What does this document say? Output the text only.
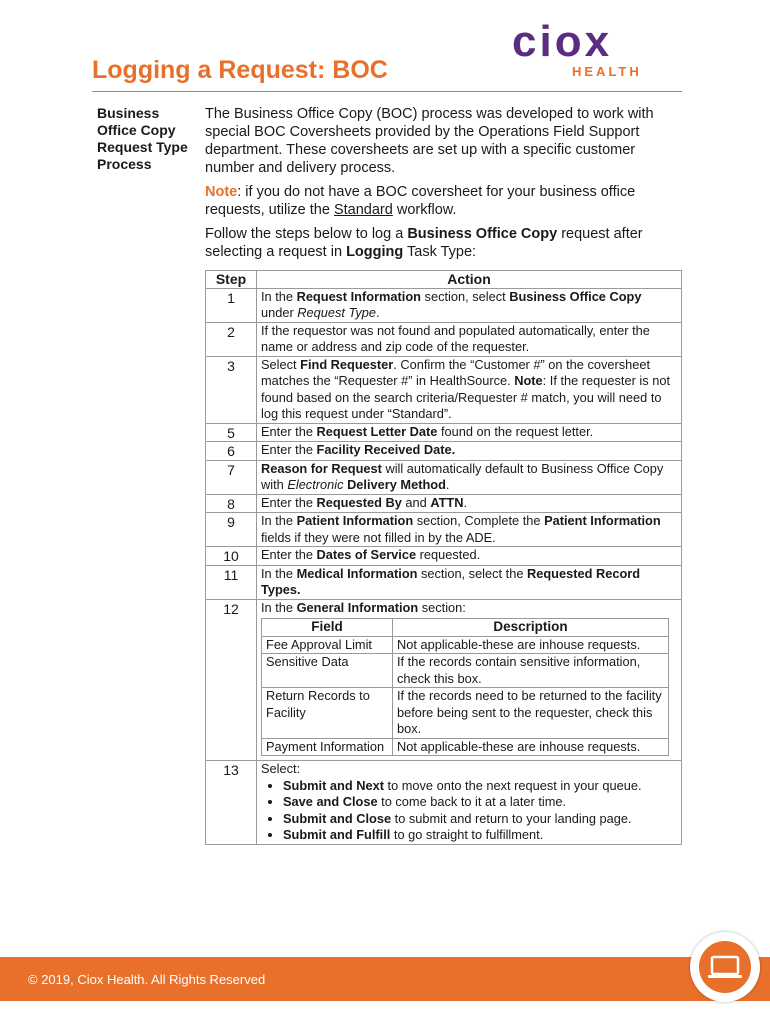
ciox
HEALTH
Logging a Request: BOC
Business Office Copy Request Type Process

The Business Office Copy (BOC) process was developed to work with special BOC Coversheets provided by the Operations Field Support department. These coversheets are set up with a specific customer number and delivery process.

Note: if you do not have a BOC coversheet for your business office requests, utilize the Standard workflow.

Follow the steps below to log a Business Office Copy request after selecting a request in Logging Task Type:

Step	Action
1	In the Request Information section, select Business Office Copy under Request Type.
2	If the requestor was not found and populated automatically, enter the name or address and zip code of the requester.
3	Select Find Requester. Confirm the “Customer #” on the coversheet matches the “Requester #” in HealthSource. Note: If the requester is not found based on the search criteria/Requester # match, you will need to log this request under “Standard”.
5	Enter the Request Letter Date found on the request letter.
6	Enter the Facility Received Date.
7	Reason for Request will automatically default to Business Office Copy with Electronic Delivery Method.
8	Enter the Requested By and ATTN.
9	In the Patient Information section, Complete the Patient Information fields if they were not filled in by the ADE.
10	Enter the Dates of Service requested.
11	In the Medical Information section, select the Requested Record Types.
12	In the General Information section:
Field	Description
Fee Approval Limit	Not applicable-these are inhouse requests.
Sensitive Data	If the records contain sensitive information, check this box.
Return Records to Facility	If the records need to be returned to the facility before being sent to the requester, check this box.
Payment Information	Not applicable-these are inhouse requests.

13	Select:
• Submit and Next to move onto the next request in your queue.
• Save and Close to come back to it at a later time.
• Submit and Close to submit and return to your landing page.
• Submit and Fulfill to go straight to fulfillment.
© 2019, Ciox Health. All Rights Reserved
